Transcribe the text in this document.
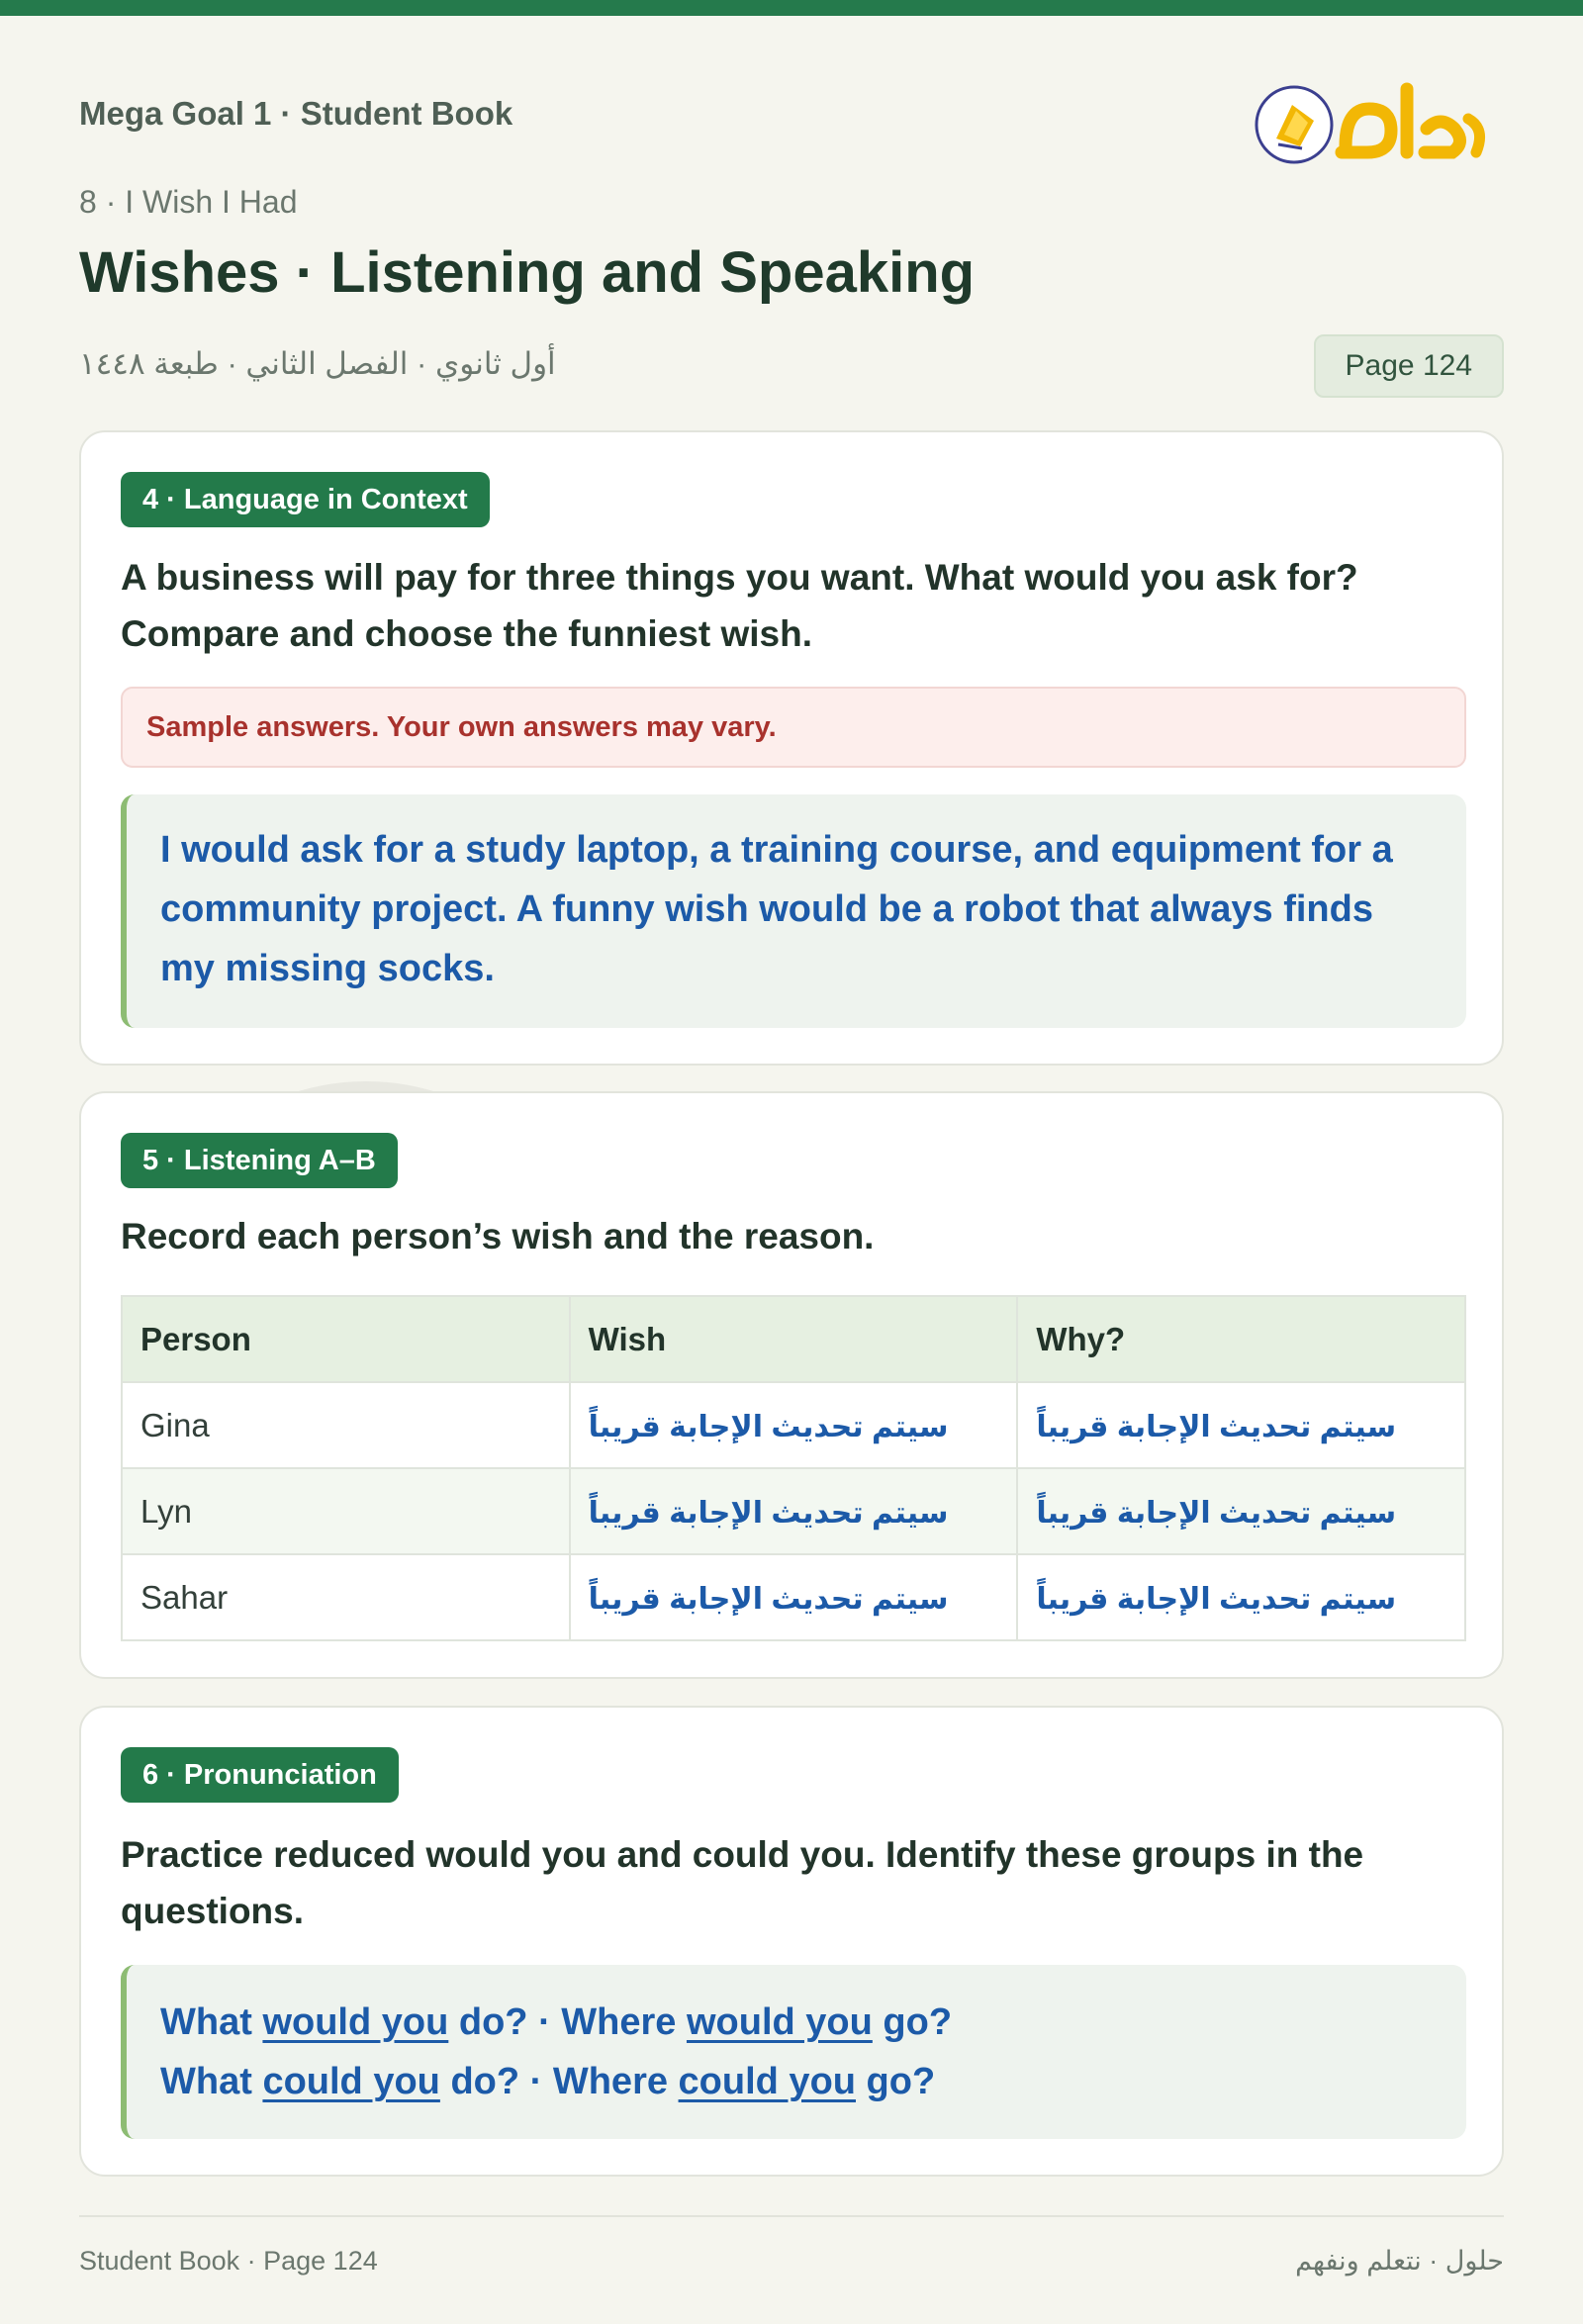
Mega Goal 1 · Student Book
8 · I Wish I Had
Wishes · Listening and Speaking
أول ثانوي · الفصل الثاني · طبعة ١٤٤٨	Page 124
4 · Language in Context

A business will pay for three things you want. What would you ask for? Compare and choose the funniest wish.

Sample answers. Your own answers may vary.
I would ask for a study laptop, a training course, and equipment for a community project. A funny wish would be a robot that always finds my missing socks.
5 · Listening A–B

Record each person’s wish and the reason.

Person	Wish	Why?
Gina	سيتم تحديث الإجابة قريباً	سيتم تحديث الإجابة قريباً
Lyn	سيتم تحديث الإجابة قريباً	سيتم تحديث الإجابة قريباً
Sahar	سيتم تحديث الإجابة قريباً	سيتم تحديث الإجابة قريباً
6 · Pronunciation

Practice reduced would you and could you. Identify these groups in the questions.

What would you do? · Where would you go?
What could you do? · Where could you go?
Student Book · Page 124	حلول · نتعلم ونفهم
